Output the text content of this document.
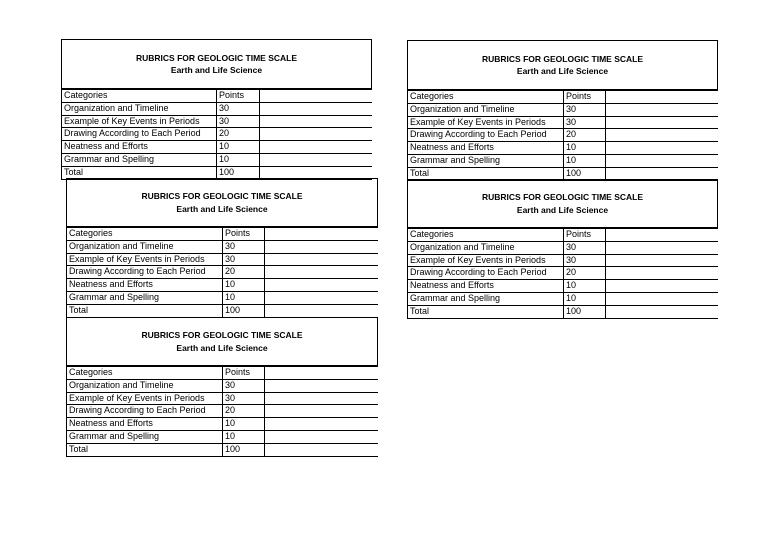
RUBRICS FOR GEOLOGIC TIME SCALE
Earth and Life Science
Categories	Points	
Organization and Timeline	30	
Example of Key Events in Periods	30	
Drawing According to Each Period	20	
Neatness and Efforts	10	
Grammar and Spelling	10	
Total	100	
RUBRICS FOR GEOLOGIC TIME SCALE
Earth and Life Science
Categories	Points	
Organization and Timeline	30	
Example of Key Events in Periods	30	
Drawing According to Each Period	20	
Neatness and Efforts	10	
Grammar and Spelling	10	
Total	100	
RUBRICS FOR GEOLOGIC TIME SCALE
Earth and Life Science
Categories	Points	
Organization and Timeline	30	
Example of Key Events in Periods	30	
Drawing According to Each Period	20	
Neatness and Efforts	10	
Grammar and Spelling	10	
Total	100	
RUBRICS FOR GEOLOGIC TIME SCALE
Earth and Life Science
Categories	Points	
Organization and Timeline	30	
Example of Key Events in Periods	30	
Drawing According to Each Period	20	
Neatness and Efforts	10	
Grammar and Spelling	10	
Total	100	
RUBRICS FOR GEOLOGIC TIME SCALE
Earth and Life Science
Categories	Points	
Organization and Timeline	30	
Example of Key Events in Periods	30	
Drawing According to Each Period	20	
Neatness and Efforts	10	
Grammar and Spelling	10	
Total	100	
